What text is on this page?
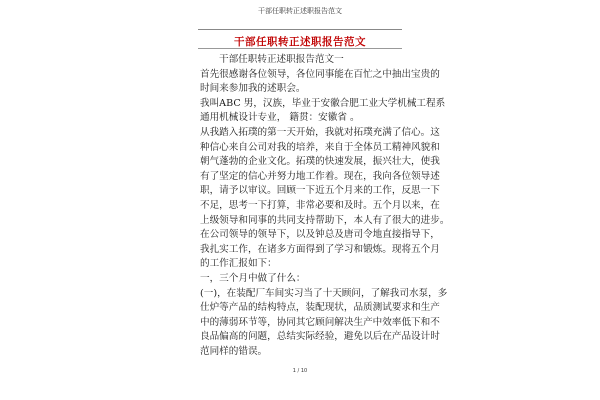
干部任职转正述职报告范文
干部任职转正述职报告范文
干部任职转正述职报告范文一
首先很感谢各位领导，各位同事能在百忙之中抽出宝贵的
时间来参加我的述职会。
我叫ABC 男，汉族，毕业于安徽合肥工业大学机械工程系
通用机械设计专业， 籍贯：安徽省 。
从我踏入拓璞的第一天开始，我就对拓璞充满了信心。这
种信心来自公司对我的培养，来自于全体员工精神风貌和
朝气蓬勃的企业文化。拓璞的快速发展，振兴壮大，使我
有了坚定的信心并努力地工作着。现在，我向各位领导述
职，请予以审议。回顾一下近五个月来的工作，反思一下
不足，思考一下打算，非常必要和及时。五个月以来，在
上级领导和同事的共同支持帮助下，本人有了很大的进步。
在公司领导的领导下，以及钟总及唐司令地直接指导下，
我扎实工作，在诸多方面得到了学习和锻炼。现将五个月
的工作汇报如下：
一，三个月中做了什么：
(一)，在装配厂车间实习当了十天顾问，了解我司水泵，多
仕炉等产品的结构特点，装配现状，品质测试要求和生产
中的薄弱环节等，协同其它顾问解决生产中效率低下和不
良品偏高的问题，总结实际经验，避免以后在产品设计时
范同样的错误。
1 / 10
